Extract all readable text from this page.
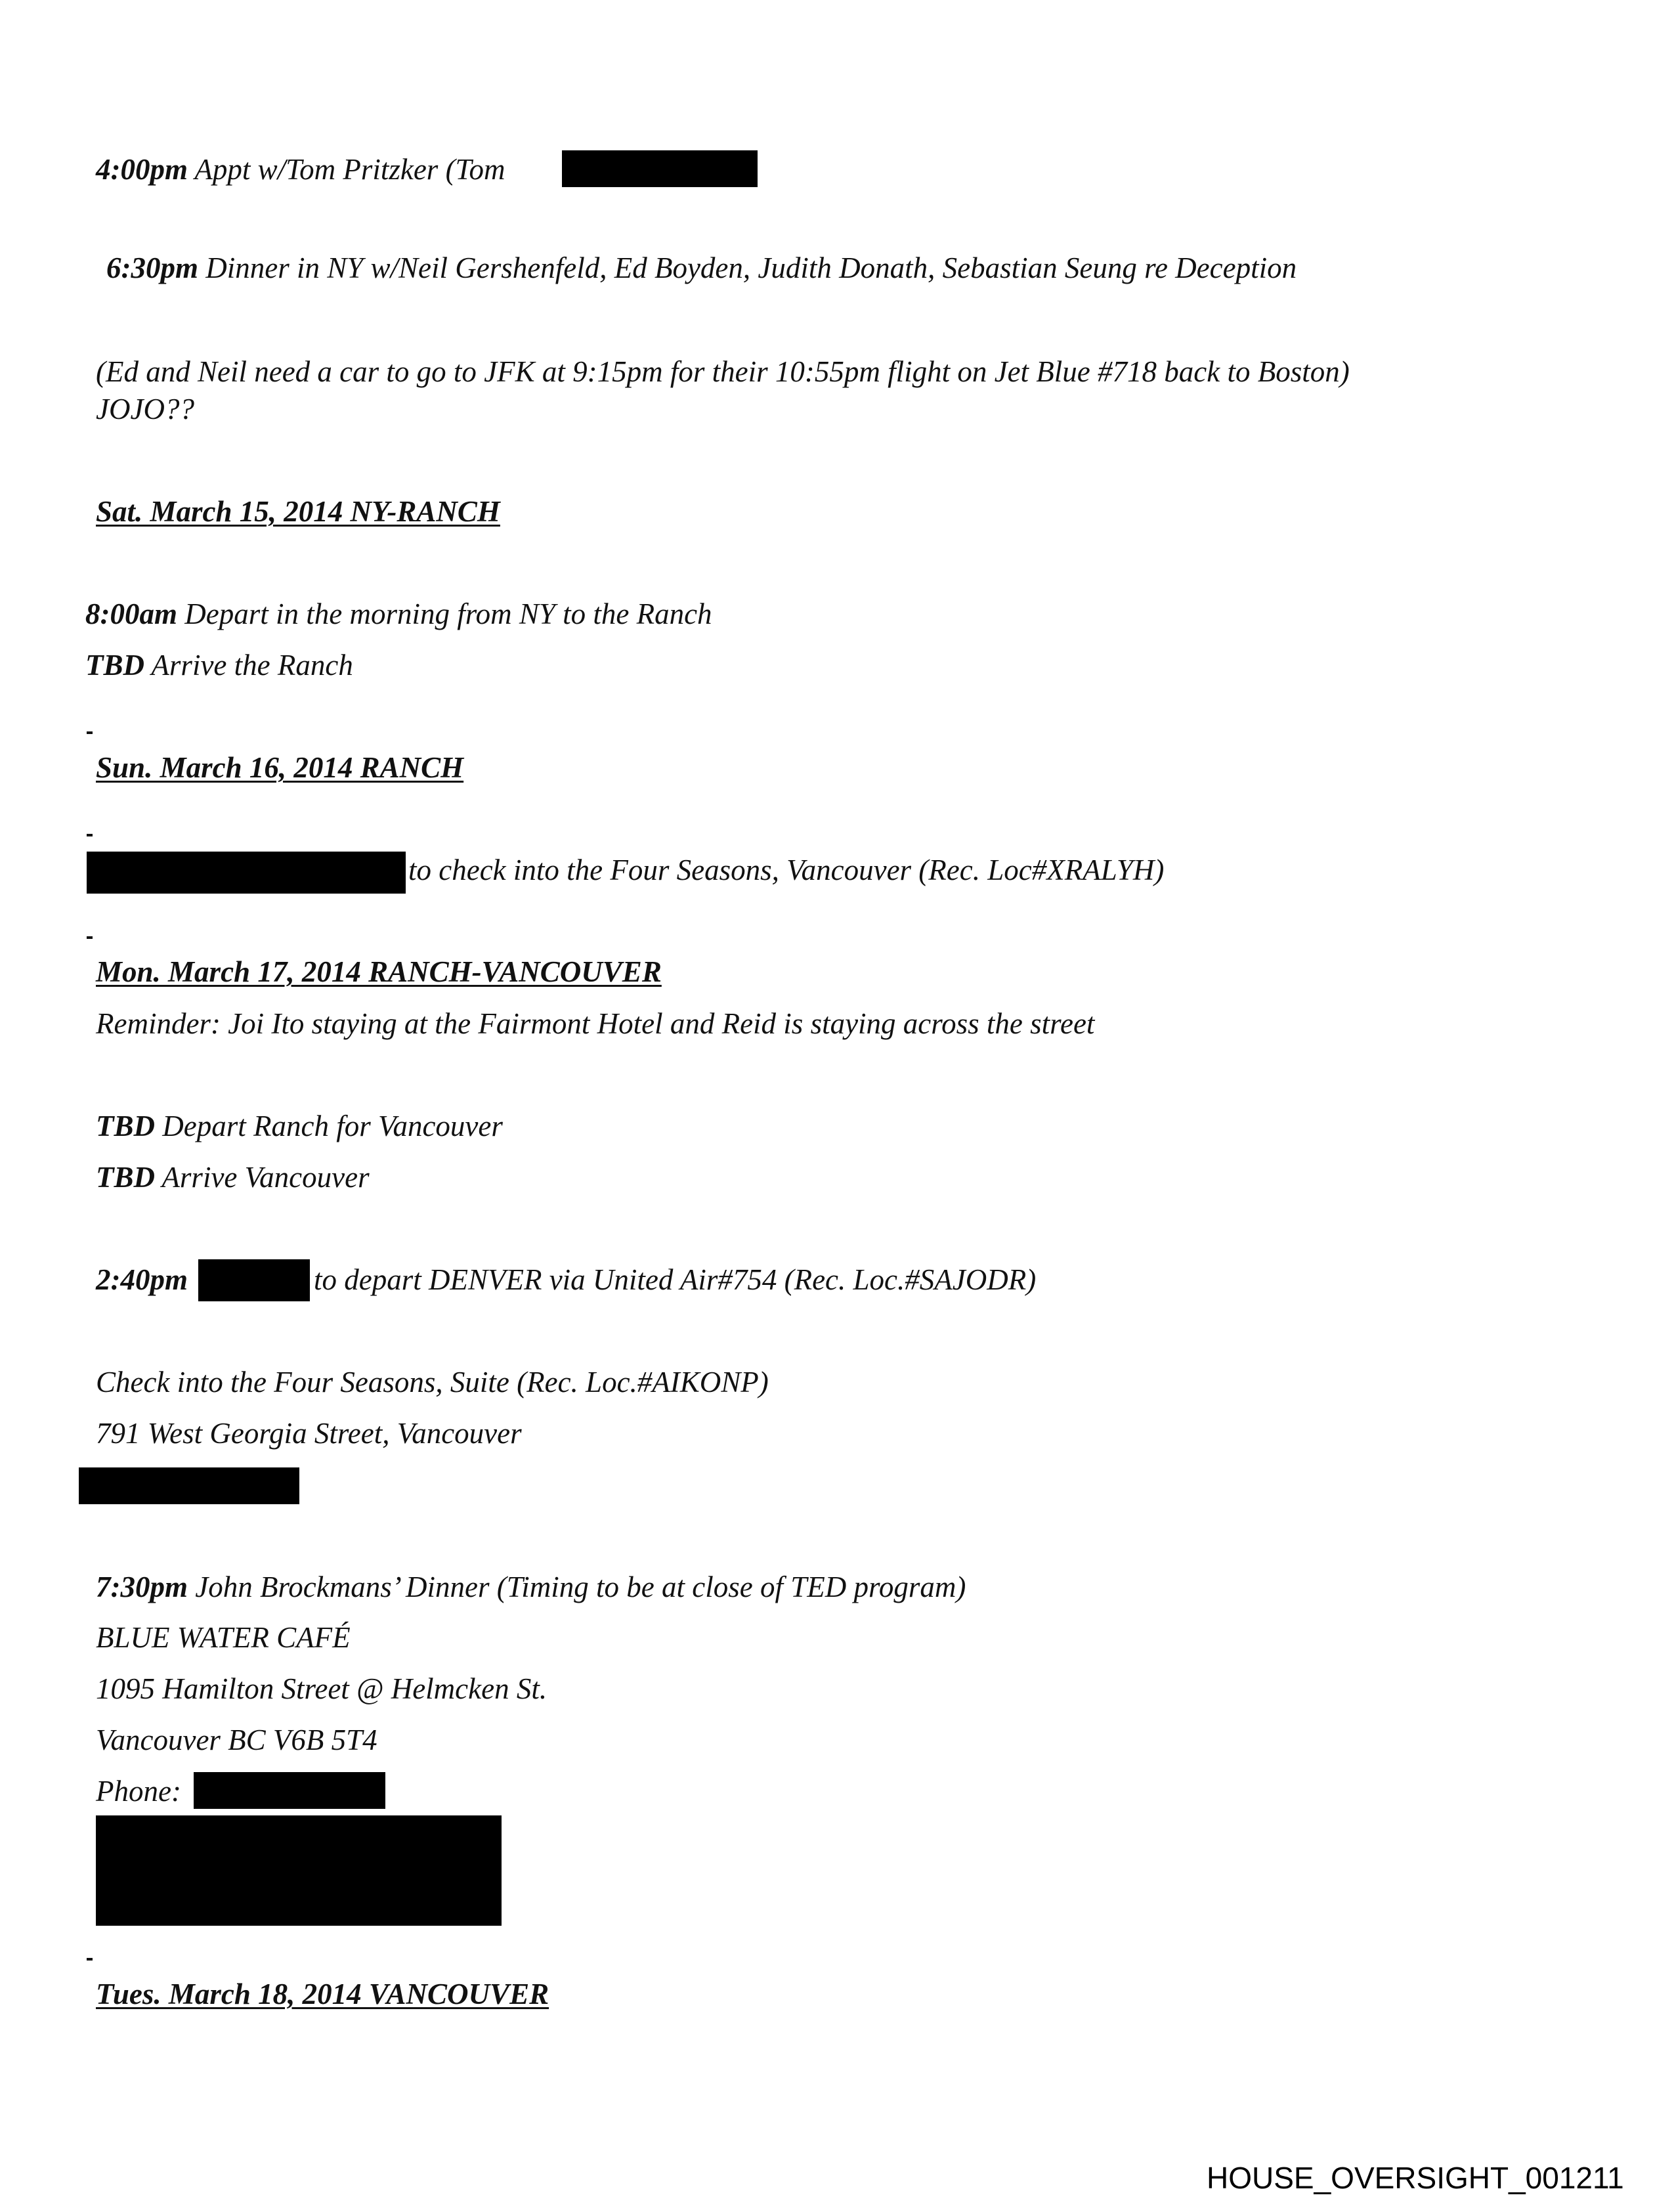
4:00pm Appt w/Tom Pritzker (Tom
6:30pm Dinner in NY w/Neil Gershenfeld, Ed Boyden, Judith Donath, Sebastian Seung re Deception
(Ed and Neil need a car to go to JFK at 9:15pm for their 10:55pm flight on Jet Blue #718 back to Boston)
JOJO??
Sat. March 15, 2014 NY-RANCH
8:00am Depart in the morning from NY to the Ranch
TBD Arrive the Ranch
Sun. March 16, 2014 RANCH
to check into the Four Seasons, Vancouver (Rec. Loc#XRALYH)
Mon. March 17, 2014 RANCH-VANCOUVER
Reminder: Joi Ito staying at the Fairmont Hotel and Reid is staying across the street
TBD Depart Ranch for Vancouver
TBD Arrive Vancouver
2:40pm	to depart DENVER via United Air#754 (Rec. Loc.#SAJODR)
Check into the Four Seasons, Suite (Rec. Loc.#AIKONP)
791 West Georgia Street, Vancouver
7:30pm John Brockmans’ Dinner (Timing to be at close of TED program)
BLUE WATER CAFÉ
1095 Hamilton Street @ Helmcken St.
Vancouver BC V6B 5T4
Phone:
Tues. March 18, 2014 VANCOUVER
HOUSE_OVERSIGHT_001211
